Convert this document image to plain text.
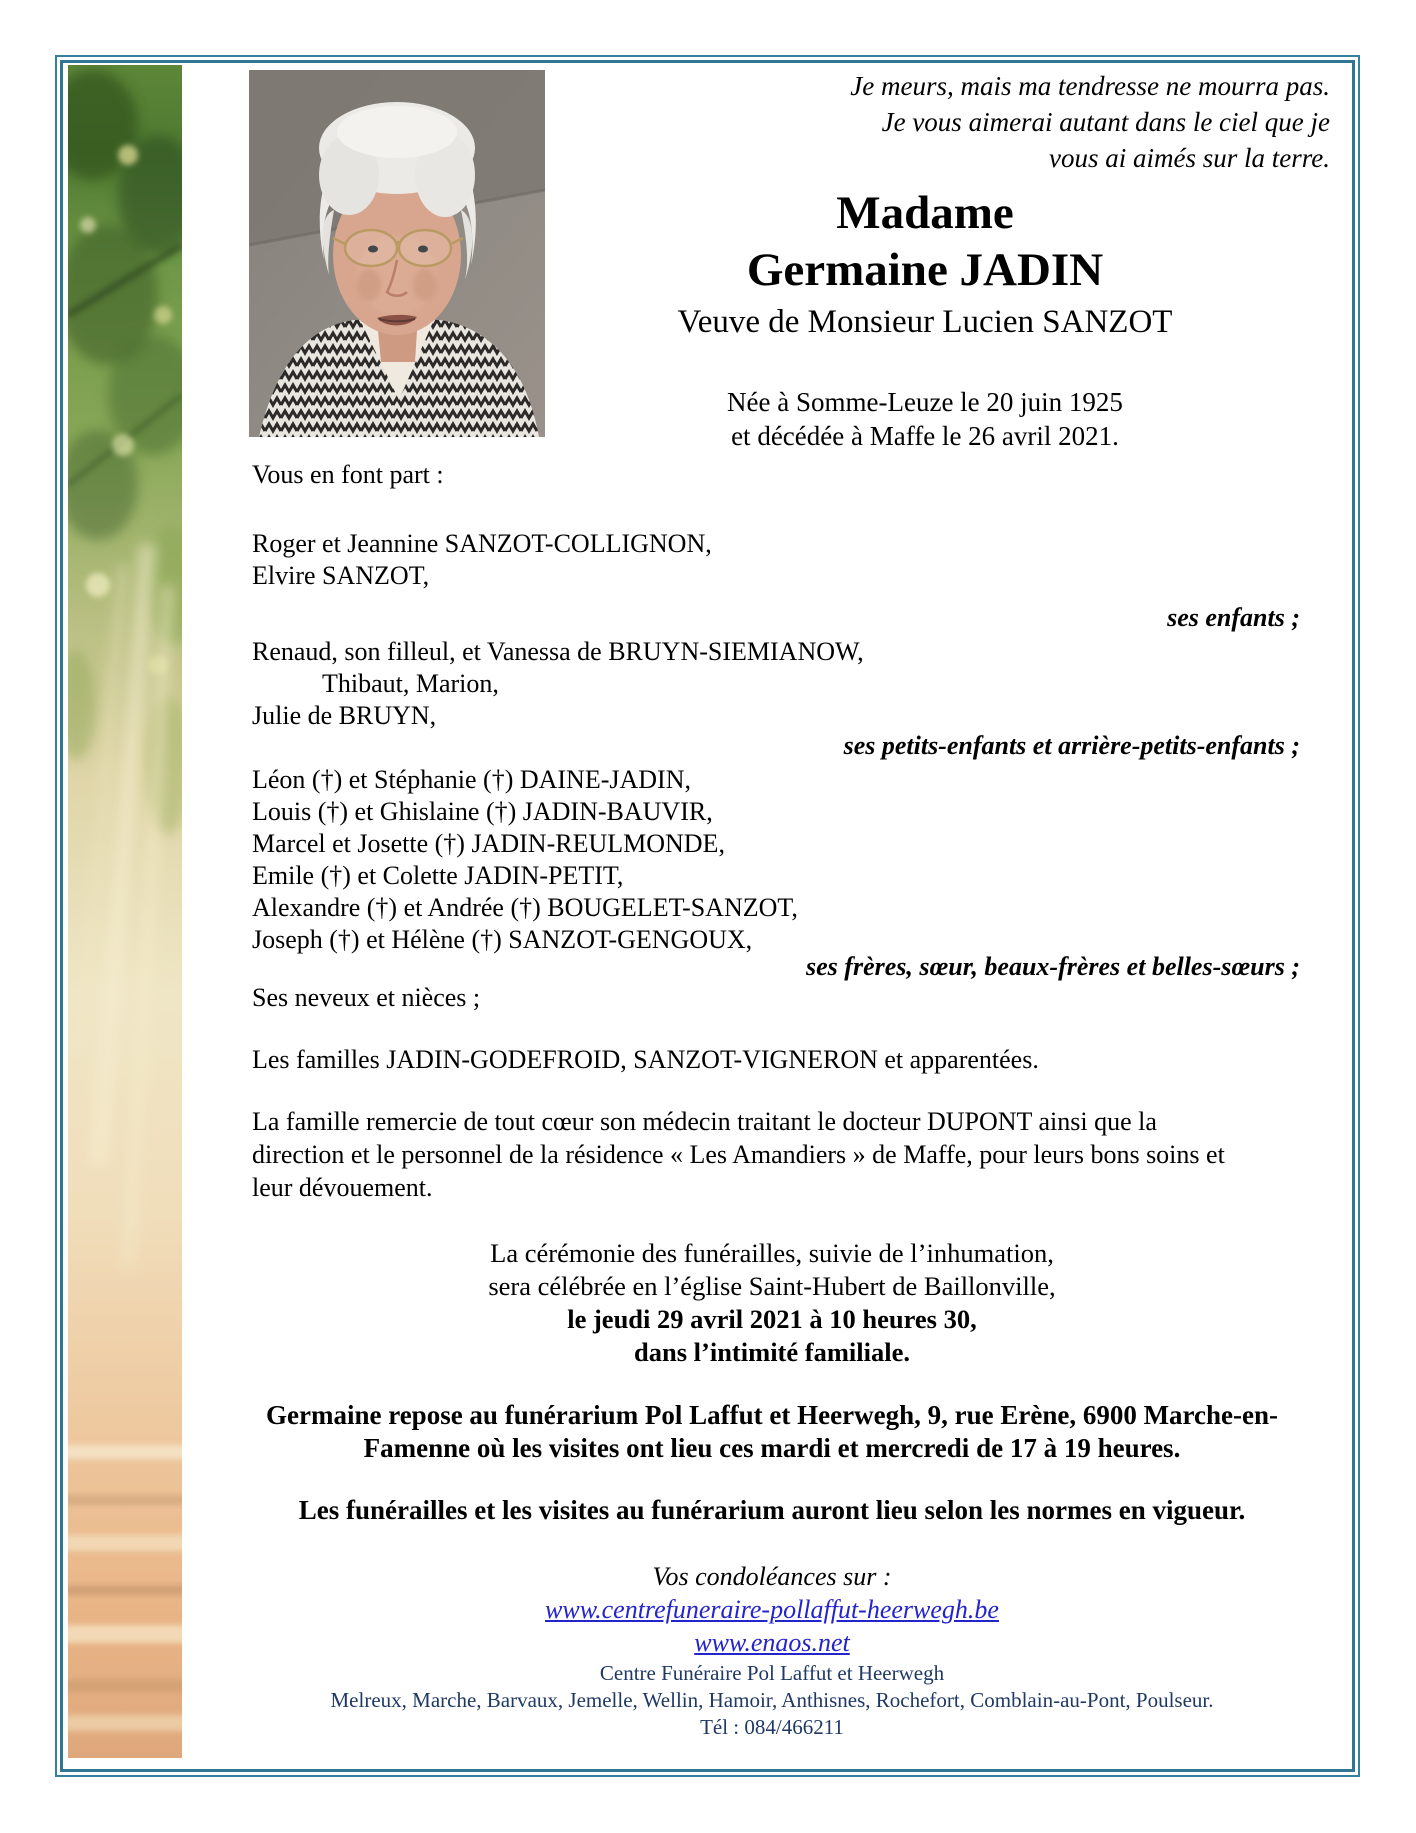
Je meurs, mais ma tendresse ne mourra pas.
Je vous aimerai autant dans le ciel que je
vous ai aimés sur la terre.
Madame
Germaine JADIN
Veuve de Monsieur Lucien SANZOT
Née à Somme-Leuze le 20 juin 1925
et décédée à Maffe le 26 avril 2021.
Vous en font part :
Roger et Jeannine SANZOT-COLLIGNON,
Elvire SANZOT,
ses enfants ;
Renaud, son filleul, et Vanessa de BRUYN-SIEMIANOW,
Thibaut, Marion,
Julie de BRUYN,
ses petits-enfants et arrière-petits-enfants ;
Léon (†) et Stéphanie (†) DAINE-JADIN,
Louis (†) et Ghislaine (†) JADIN-BAUVIR,
Marcel et Josette (†) JADIN-REULMONDE,
Emile (†) et Colette JADIN-PETIT,
Alexandre (†) et Andrée (†) BOUGELET-SANZOT,
Joseph (†) et Hélène (†) SANZOT-GENGOUX,
ses frères, sœur, beaux-frères et belles-sœurs ;
Ses neveux et nièces ;
Les familles JADIN-GODEFROID, SANZOT-VIGNERON et apparentées.
La famille remercie de tout cœur son médecin traitant le docteur DUPONT ainsi que la
direction et le personnel de la résidence « Les Amandiers » de Maffe, pour leurs bons soins et
leur dévouement.
La cérémonie des funérailles, suivie de l’inhumation,
sera célébrée en l’église Saint-Hubert de Baillonville,
le jeudi 29 avril 2021 à 10 heures 30,
dans l’intimité familiale.
Germaine repose au funérarium Pol Laffut et Heerwegh, 9, rue Erène, 6900 Marche-en-
Famenne où les visites ont lieu ces mardi et mercredi de 17 à 19 heures.
Les funérailles et les visites au funérarium auront lieu selon les normes en vigueur.
Vos condoléances sur :
www.centrefuneraire-pollaffut-heerwegh.be
www.enaos.net
Centre Funéraire Pol Laffut et Heerwegh
Melreux, Marche, Barvaux, Jemelle, Wellin, Hamoir, Anthisnes, Rochefort, Comblain-au-Pont, Poulseur.
Tél : 084/466211
